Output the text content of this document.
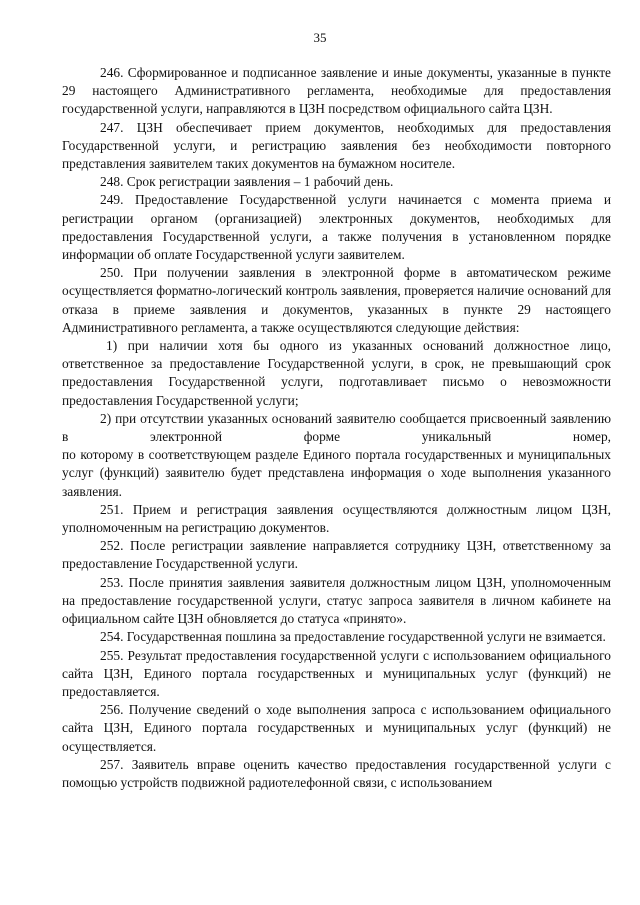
35

246. Сформированное и подписанное заявление и иные документы, указанные в пункте 29 настоящего Административного регламента, необходимые для предоставления государственной услуги, направляются в ЦЗН посредством официального сайта ЦЗН.

247. ЦЗН обеспечивает прием документов, необходимых для предоставления Государственной услуги, и регистрацию заявления без необходимости повторного представления заявителем таких документов на бумажном носителе.

248. Срок регистрации заявления – 1 рабочий день.

249. Предоставление Государственной услуги начинается с момента приема и регистрации органом (организацией) электронных документов, необходимых для предоставления Государственной услуги, а также получения в установленном порядке информации об оплате Государственной услуги заявителем.

250. При получении заявления в электронной форме в автоматическом режиме осуществляется форматно-логический контроль заявления, проверяется наличие оснований для отказа в приеме заявления и документов, указанных в пункте 29 настоящего Административного регламента, а также осуществляются следующие действия:

1) при наличии хотя бы одного из указанных оснований должностное лицо, ответственное за предоставление Государственной услуги, в срок, не превышающий срок предоставления Государственной услуги, подготавливает письмо о невозможности предоставления Государственной услуги;

2) при отсутствии указанных оснований заявителю сообщается присвоенный заявлению в электронной форме уникальный номер,

по которому в соответствующем разделе Единого портала государственных и муниципальных услуг (функций) заявителю будет представлена информация о ходе выполнения указанного заявления.

251. Прием и регистрация заявления осуществляются должностным лицом ЦЗН, уполномоченным на регистрацию документов.

252. После регистрации заявление направляется сотруднику ЦЗН, ответственному за предоставление Государственной услуги.

253. После принятия заявления заявителя должностным лицом ЦЗН, уполномоченным на предоставление государственной услуги, статус запроса заявителя в личном кабинете на официальном сайте ЦЗН обновляется до статуса «принято».

254. Государственная пошлина за предоставление государственной услуги не взимается.

255. Результат предоставления государственной услуги с использованием официального сайта ЦЗН, Единого портала государственных и муниципальных услуг (функций) не предоставляется.

256. Получение сведений о ходе выполнения запроса с использованием официального сайта ЦЗН, Единого портала государственных и муниципальных услуг (функций) не осуществляется.

257. Заявитель вправе оценить качество предоставления государственной услуги с помощью устройств подвижной радиотелефонной связи, с использованием
